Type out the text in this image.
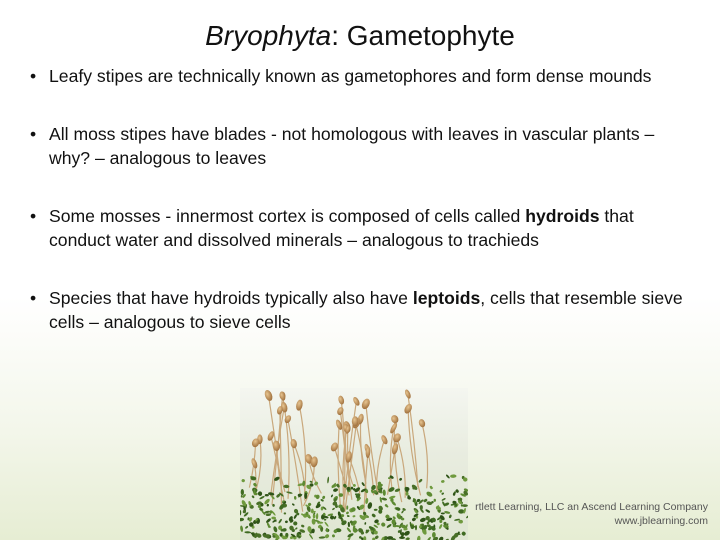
Bryophyta: Gametophyte
• Leafy stipes are technically known as gametophores and form dense mounds
• All moss stipes have blades - not homologous with leaves in vascular plants – why? – analogous to leaves
• Some mosses - innermost cortex is composed of cells called hydroids that conduct water and dissolved minerals – analogous to trachieds
• Species that have hydroids typically also have leptoids, cells that resemble sieve cells – analogous to sieve cells
rtlett Learning, LLC an Ascend Learning Company
www.jblearning.com
